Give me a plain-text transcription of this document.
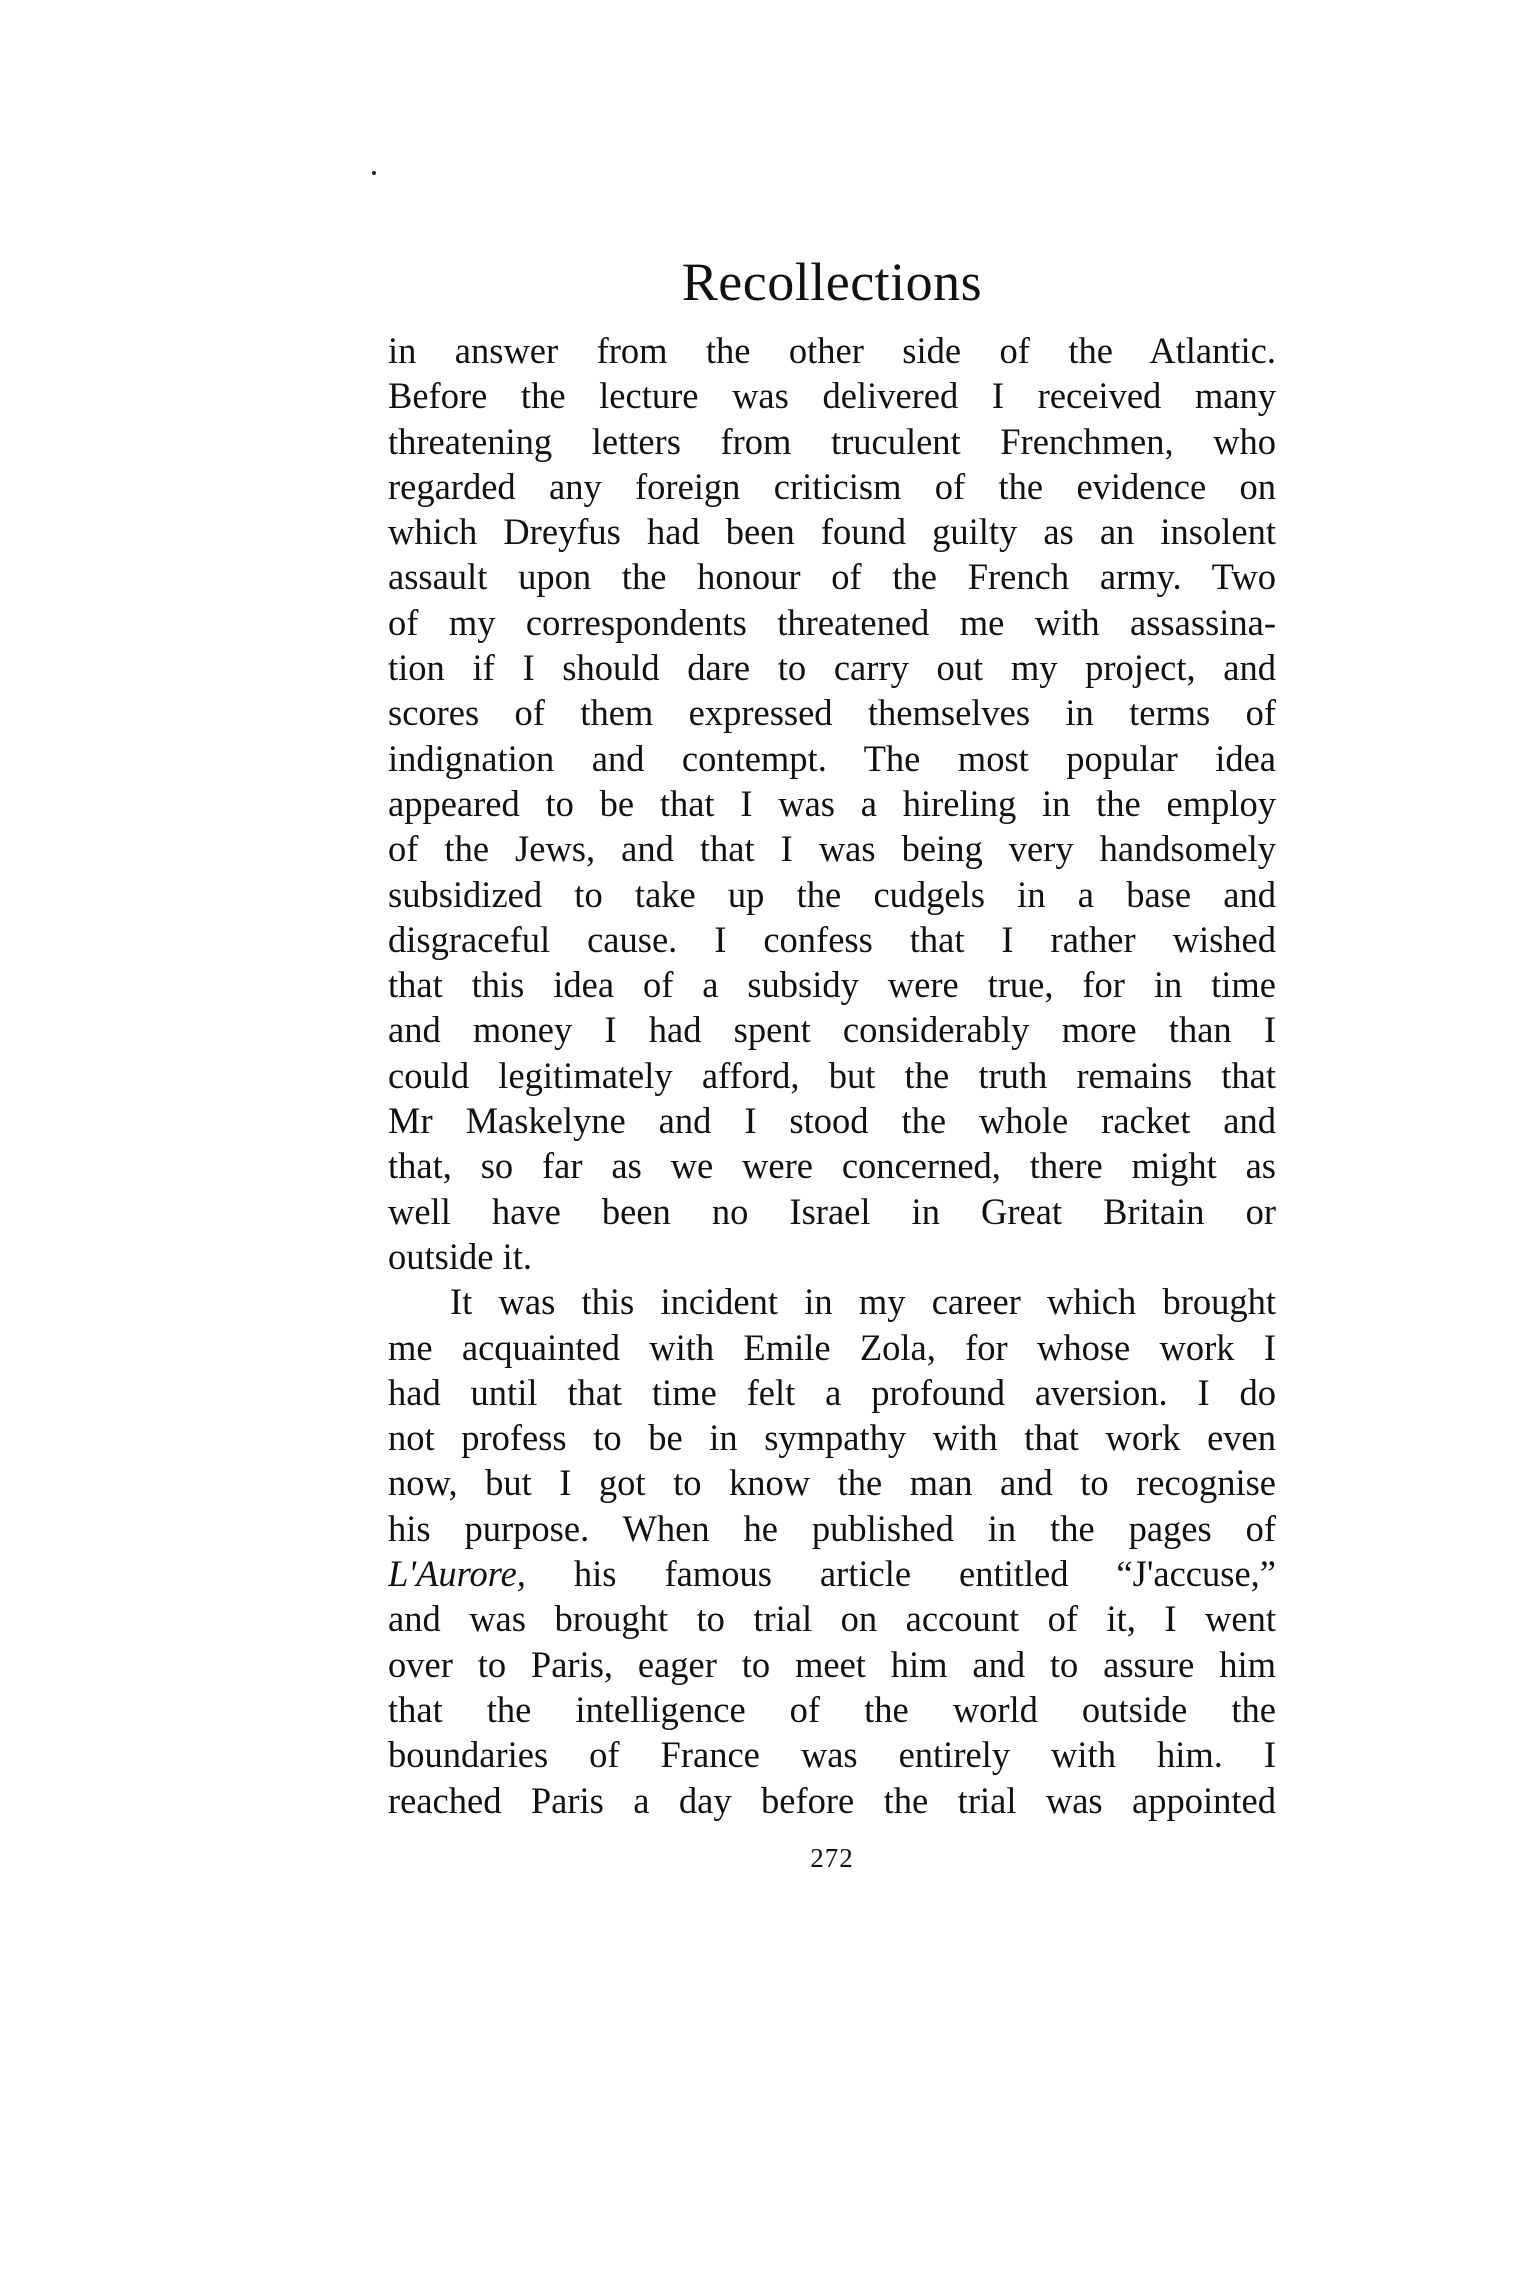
Recollections
in answer from the other side of the Atlantic.
Before the lecture was delivered I received many
threatening letters from truculent Frenchmen, who
regarded any foreign criticism of the evidence on
which Dreyfus had been found guilty as an insolent
assault upon the honour of the French army. Two
of my correspondents threatened me with assassina-
tion if I should dare to carry out my project, and
scores of them expressed themselves in terms of
indignation and contempt. The most popular idea
appeared to be that I was a hireling in the employ
of the Jews, and that I was being very handsomely
subsidized to take up the cudgels in a base and
disgraceful cause. I confess that I rather wished
that this idea of a subsidy were true, for in time
and money I had spent considerably more than I
could legitimately afford, but the truth remains that
Mr Maskelyne and I stood the whole racket and
that, so far as we were concerned, there might as
well have been no Israel in Great Britain or
outside it.
It was this incident in my career which brought
me acquainted with Emile Zola, for whose work I
had until that time felt a profound aversion. I do
not profess to be in sympathy with that work even
now, but I got to know the man and to recognise
his purpose. When he published in the pages of
L'Aurore, his famous article entitled “J'accuse,”
and was brought to trial on account of it, I went
over to Paris, eager to meet him and to assure him
that the intelligence of the world outside the
boundaries of France was entirely with him. I
reached Paris a day before the trial was appointed
272
